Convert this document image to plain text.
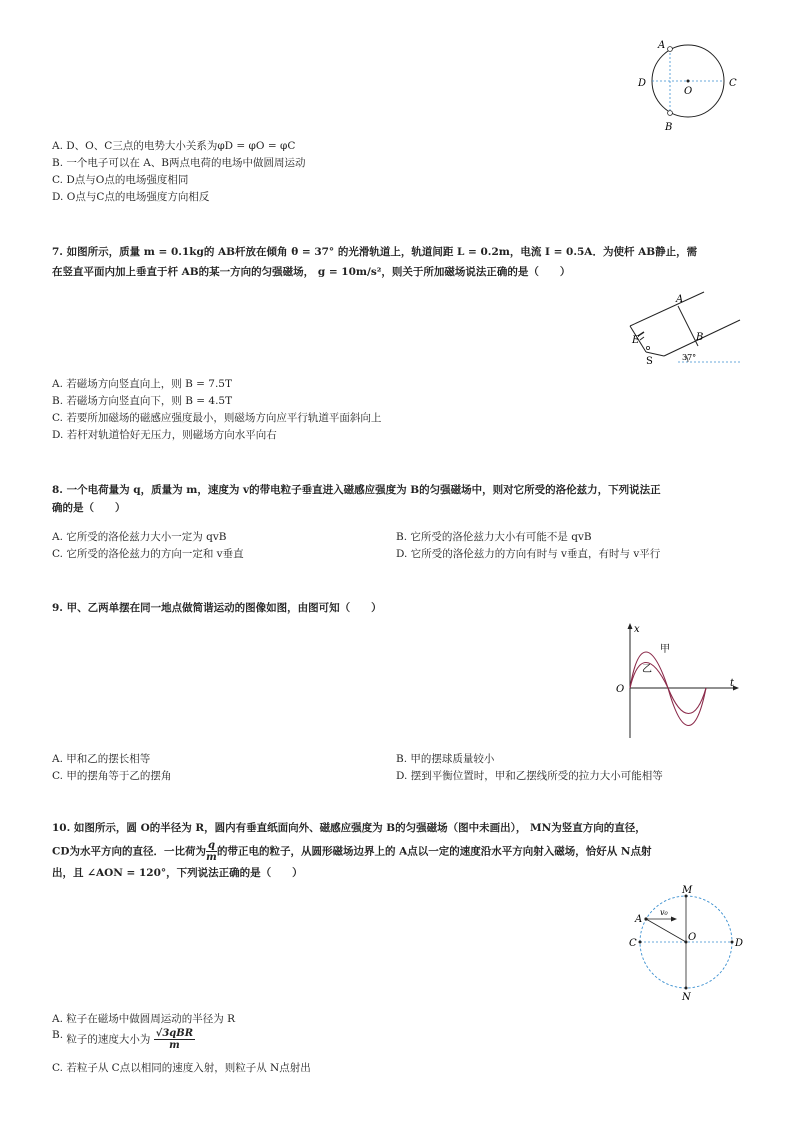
A
B
D	C
O
A. D、O、C三点的电势大小关系为φD = φO = φC
B. 一个电子可以在 A、B两点电荷的电场中做圆周运动
C. D点与O点的电场强度相同
D. O点与C点的电场强度方向相反
7. 如图所示，质量 m = 0.1kg的 AB杆放在倾角 θ = 37° 的光滑轨道上，轨道间距 L = 0.2m，电流 I = 0.5A．为使杆 AB静止，需
在竖直平面内加上垂直于杆 AB的某一方向的匀强磁场， g = 10m/s²，则关于所加磁场说法正确的是（　　）
A
B
E
S	37°
A. 若磁场方向竖直向上，则 B = 7.5T
B. 若磁场方向竖直向下，则 B = 4.5T
C. 若要所加磁场的磁感应强度最小，则磁场方向应平行轨道平面斜向上
D. 若杆对轨道恰好无压力，则磁场方向水平向右
8. 一个电荷量为 q，质量为 m，速度为 v的带电粒子垂直进入磁感应强度为 B的匀强磁场中，则对它所受的洛伦兹力，下列说法正
确的是（　　）
A. 它所受的洛伦兹力大小一定为 qvB	B. 它所受的洛伦兹力大小有可能不是 qvB
C. 它所受的洛伦兹力的方向一定和 v垂直	D. 它所受的洛伦兹力的方向有时与 v垂直，有时与 v平行
9. 甲、乙两单摆在同一地点做简谐运动的图像如图，由图可知（　　）
x
t
O
甲
乙
A. 甲和乙的摆长相等	B. 甲的摆球质量较小
C. 甲的摆角等于乙的摆角	D. 摆到平衡位置时，甲和乙摆线所受的拉力大小可能相等
10. 如图所示，圆 O的半径为 R，圆内有垂直纸面向外、磁感应强度为 B的匀强磁场（图中未画出）， MN为竖直方向的直径，
CD为水平方向的直径．一比荷为 $\frac{q}{m}$ 的带正电的粒子，从圆形磁场边界上的 A点以一定的速度沿水平方向射入磁场，恰好从 N点射
出，且 ∠AON = 120°，下列说法正确的是（　　）
M
N
C	D
O
A
v₀
A. 粒子在磁场中做圆周运动的半径为 R
B. 粒子的速度大小为 $\frac{\text{√3qBR}}{m}$
C. 若粒子从 C点以相同的速度入射，则粒子从 N点射出
